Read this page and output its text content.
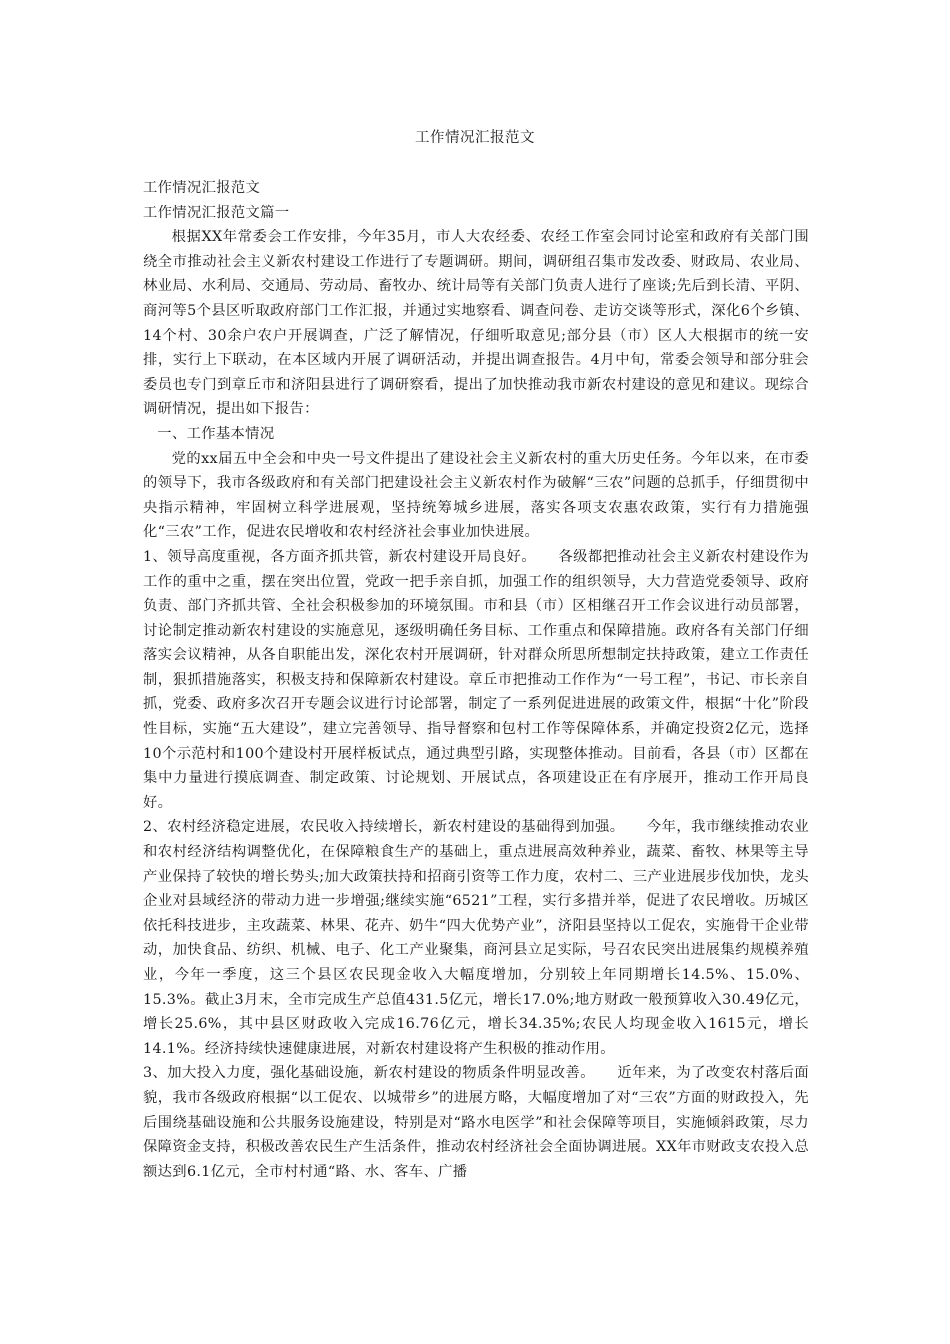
工作情况汇报范文

工作情况汇报范文

工作情况汇报范文篇一

根据XX年常委会工作安排，今年35月，市人大农经委、农经工作室会同讨论室和政府有关部门围绕全市推动社会主义新农村建设工作进行了专题调研。期间，调研组召集市发改委、财政局、农业局、林业局、水利局、交通局、劳动局、畜牧办、统计局等有关部门负责人进行了座谈;先后到长清、平阴、商河等5个县区听取政府部门工作汇报，并通过实地察看、调查问卷、走访交谈等形式，深化6个乡镇、14个村、30余户农户开展调查，广泛了解情况，仔细听取意见;部分县（市）区人大根据市的统一安排，实行上下联动，在本区域内开展了调研活动，并提出调查报告。4月中旬，常委会领导和部分驻会委员也专门到章丘市和济阳县进行了调研察看，提出了加快推动我市新农村建设的意见和建议。现综合调研情况，提出如下报告：

一、工作基本情况

党的xx届五中全会和中央一号文件提出了建设社会主义新农村的重大历史任务。今年以来，在市委的领导下，我市各级政府和有关部门把建设社会主义新农村作为破解“三农”问题的总抓手，仔细贯彻中央指示精神，牢固树立科学进展观，坚持统筹城乡进展，落实各项支农惠农政策，实行有力措施强化“三农”工作，促进农民增收和农村经济社会事业加快进展。

1、领导高度重视，各方面齐抓共管，新农村建设开局良好。　　各级都把推动社会主义新农村建设作为工作的重中之重，摆在突出位置，党政一把手亲自抓，加强工作的组织领导，大力营造党委领导、政府负责、部门齐抓共管、全社会积极参加的环境氛围。市和县（市）区相继召开工作会议进行动员部署，讨论制定推动新农村建设的实施意见，逐级明确任务目标、工作重点和保障措施。政府各有关部门仔细落实会议精神，从各自职能出发，深化农村开展调研，针对群众所思所想制定扶持政策，建立工作责任制，狠抓措施落实，积极支持和保障新农村建设。章丘市把推动工作作为“一号工程”，书记、市长亲自抓，党委、政府多次召开专题会议进行讨论部署，制定了一系列促进进展的政策文件，根据“十化”阶段性目标，实施“五大建设”，建立完善领导、指导督察和包村工作等保障体系，并确定投资2亿元，选择10个示范村和100个建设村开展样板试点，通过典型引路，实现整体推动。目前看，各县（市）区都在集中力量进行摸底调查、制定政策、讨论规划、开展试点，各项建设正在有序展开，推动工作开局良好。

2、农村经济稳定进展，农民收入持续增长，新农村建设的基础得到加强。　　今年，我市继续推动农业和农村经济结构调整优化，在保障粮食生产的基础上，重点进展高效种养业，蔬菜、畜牧、林果等主导产业保持了较快的增长势头;加大政策扶持和招商引资等工作力度，农村二、三产业进展步伐加快，龙头企业对县域经济的带动力进一步增强;继续实施“6521”工程，实行多措并举，促进了农民增收。历城区依托科技进步，主攻蔬菜、林果、花卉、奶牛“四大优势产业”，济阳县坚持以工促农，实施骨干企业带动，加快食品、纺织、机械、电子、化工产业聚集，商河县立足实际，号召农民突出进展集约规模养殖业，今年一季度，这三个县区农民现金收入大幅度增加，分别较上年同期增长14.5%、15.0%、15.3%。截止3月末，全市完成生产总值431.5亿元，增长17.0%;地方财政一般预算收入30.49亿元，增长25.6%，其中县区财政收入完成16.76亿元，增长34.35%;农民人均现金收入1615元，增长14.1%。经济持续快速健康进展，对新农村建设将产生积极的推动作用。

3、加大投入力度，强化基础设施，新农村建设的物质条件明显改善。　　近年来，为了改变农村落后面貌，我市各级政府根据“以工促农、以城带乡”的进展方略，大幅度增加了对“三农”方面的财政投入，先后围绕基础设施和公共服务设施建设，特别是对“路水电医学”和社会保障等项目，实施倾斜政策，尽力保障资金支持，积极改善农民生产生活条件，推动农村经济社会全面协调进展。XX年市财政支农投入总额达到6.1亿元，全市村村通“路、水、客车、广播
